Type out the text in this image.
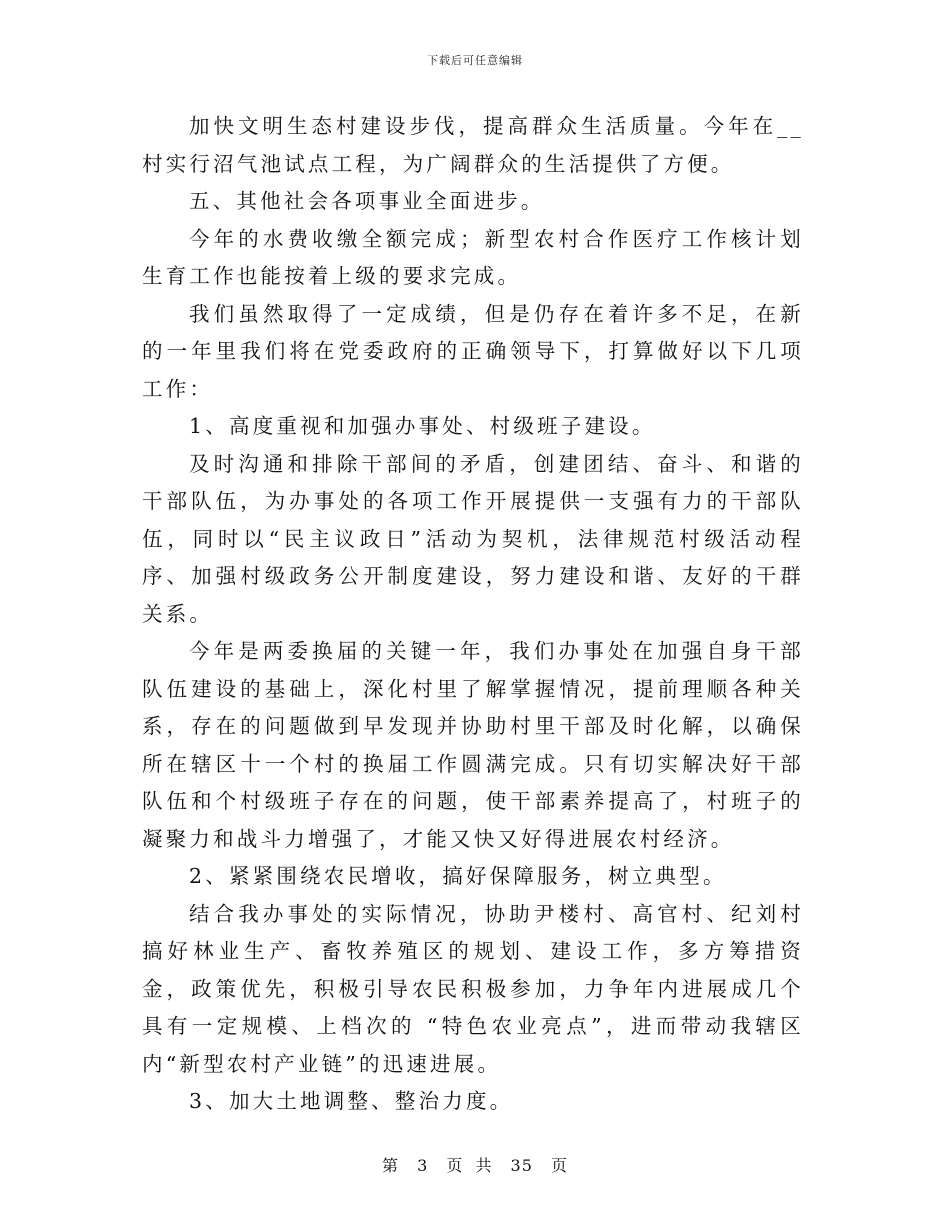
下载后可任意编辑

加快文明生态村建设步伐，提高群众生活质量。今年在__村实行沼气池试点工程，为广阔群众的生活提供了方便。

五、其他社会各项事业全面进步。

今年的水费收缴全额完成；新型农村合作医疗工作核计划生育工作也能按着上级的要求完成。

我们虽然取得了一定成绩，但是仍存在着许多不足，在新的一年里我们将在党委政府的正确领导下，打算做好以下几项工作：

1、高度重视和加强办事处、村级班子建设。

及时沟通和排除干部间的矛盾，创建团结、奋斗、和谐的干部队伍，为办事处的各项工作开展提供一支强有力的干部队伍，同时以“民主议政日”活动为契机，法律规范村级活动程序、加强村级政务公开制度建设，努力建设和谐、友好的干群关系。

今年是两委换届的关键一年，我们办事处在加强自身干部队伍建设的基础上，深化村里了解掌握情况，提前理顺各种关系，存在的问题做到早发现并协助村里干部及时化解，以确保所在辖区十一个村的换届工作圆满完成。只有切实解决好干部队伍和个村级班子存在的问题，使干部素养提高了，村班子的凝聚力和战斗力增强了，才能又快又好得进展农村经济。

2、紧紧围绕农民增收，搞好保障服务，树立典型。

结合我办事处的实际情况，协助尹楼村、高官村、纪刘村搞好林业生产、畜牧养殖区的规划、建设工作，多方筹措资金，政策优先，积极引导农民积极参加，力争年内进展成几个具有一定规模、上档次的 “特色农业亮点”，进而带动我辖区内“新型农村产业链”的迅速进展。

3、加大土地调整、整治力度。

第 3 页 共 35 页
